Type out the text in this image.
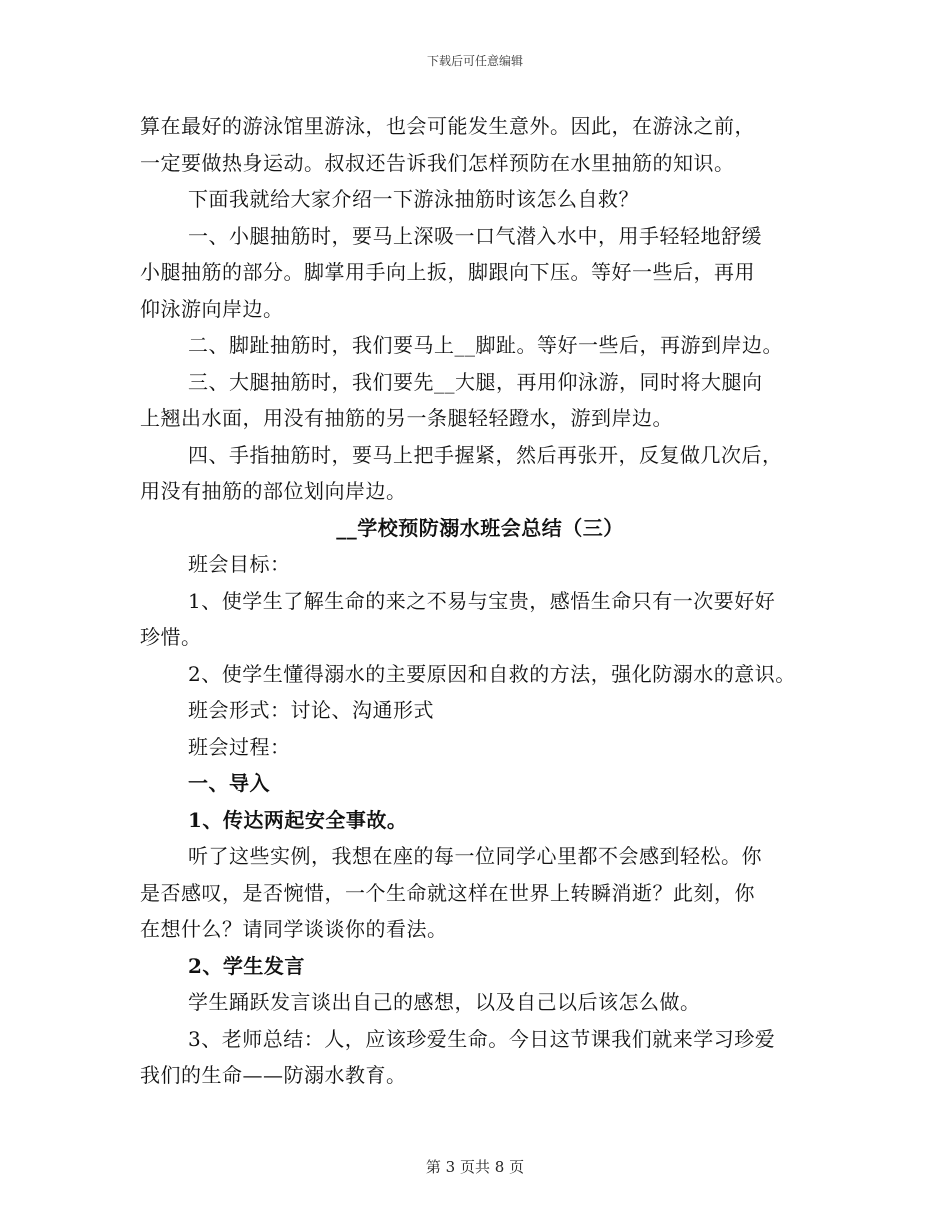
下载后可任意编辑
算在最好的游泳馆里游泳，也会可能发生意外。因此，在游泳之前，
一定要做热身运动。叔叔还告诉我们怎样预防在水里抽筋的知识。
下面我就给大家介绍一下游泳抽筋时该怎么自救？
一、小腿抽筋时，要马上深吸一口气潜入水中，用手轻轻地舒缓
小腿抽筋的部分。脚掌用手向上扳，脚跟向下压。等好一些后，再用
仰泳游向岸边。
二、脚趾抽筋时，我们要马上__脚趾。等好一些后，再游到岸边。
三、大腿抽筋时，我们要先__大腿，再用仰泳游，同时将大腿向
上翘出水面，用没有抽筋的另一条腿轻轻蹬水，游到岸边。
四、手指抽筋时，要马上把手握紧，然后再张开，反复做几次后，
用没有抽筋的部位划向岸边。
__学校预防溺水班会总结（三）
班会目标：
1、使学生了解生命的来之不易与宝贵，感悟生命只有一次要好好
珍惜。
2、使学生懂得溺水的主要原因和自救的方法，强化防溺水的意识。
班会形式：讨论、沟通形式
班会过程：
一、导入
1、传达两起安全事故。
听了这些实例，我想在座的每一位同学心里都不会感到轻松。你
是否感叹，是否惋惜，一个生命就这样在世界上转瞬消逝？此刻，你
在想什么？请同学谈谈你的看法。
2、学生发言
学生踊跃发言谈出自己的感想，以及自己以后该怎么做。
3、老师总结：人，应该珍爱生命。今日这节课我们就来学习珍爱
我们的生命——防溺水教育。
第 3 页共 8 页
